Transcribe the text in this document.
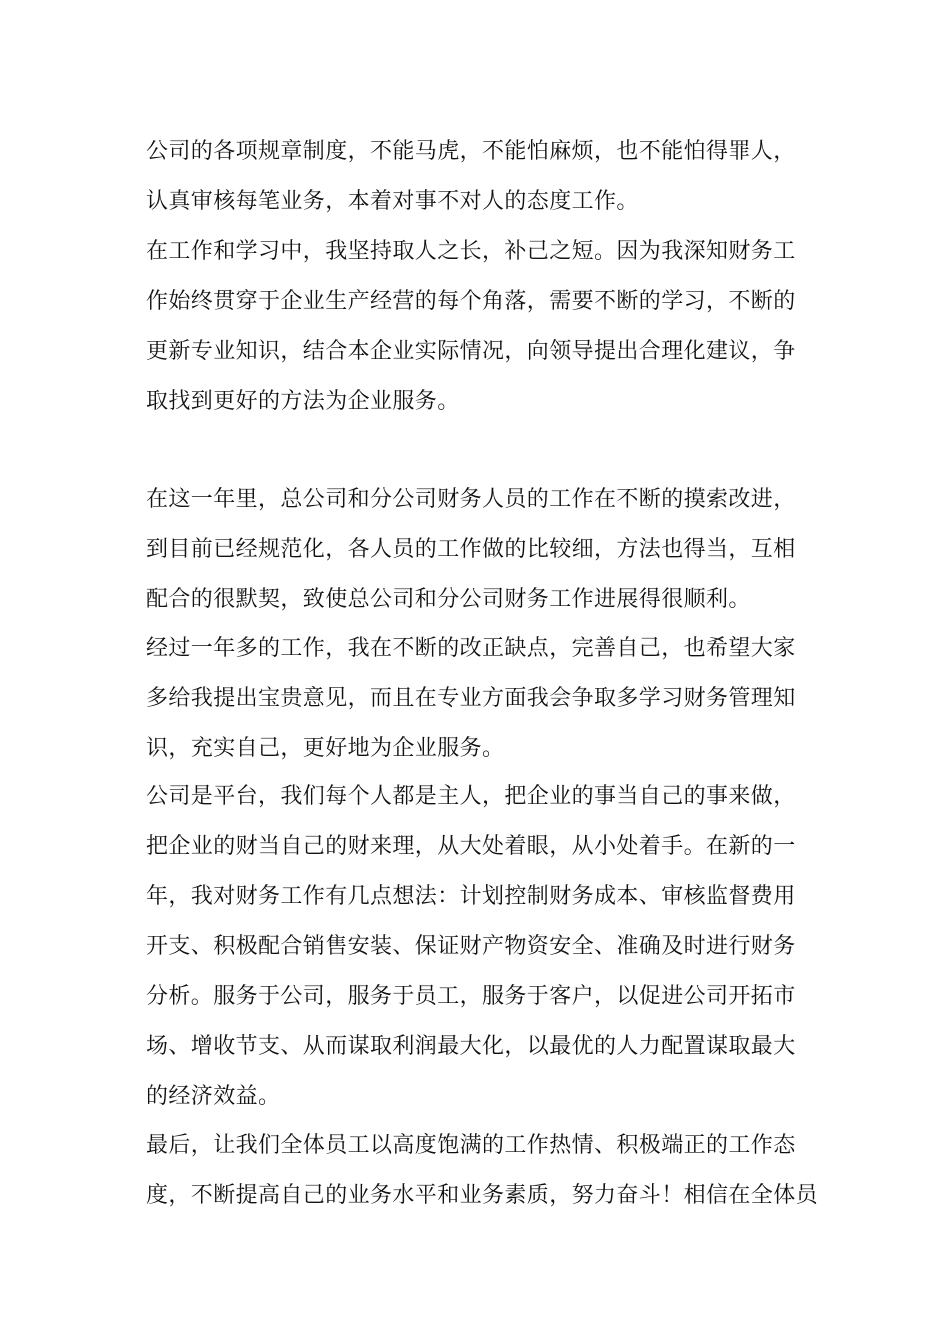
公司的各项规章制度，不能马虎，不能怕麻烦，也不能怕得罪人，
认真审核每笔业务，本着对事不对人的态度工作。
在工作和学习中，我坚持取人之长，补己之短。因为我深知财务工
作始终贯穿于企业生产经营的每个角落，需要不断的学习，不断的
更新专业知识，结合本企业实际情况，向领导提出合理化建议，争
取找到更好的方法为企业服务。
在这一年里，总公司和分公司财务人员的工作在不断的摸索改进，
到目前已经规范化，各人员的工作做的比较细，方法也得当，互相
配合的很默契，致使总公司和分公司财务工作进展得很顺利。
经过一年多的工作，我在不断的改正缺点，完善自己，也希望大家
多给我提出宝贵意见，而且在专业方面我会争取多学习财务管理知
识，充实自己，更好地为企业服务。
公司是平台，我们每个人都是主人，把企业的事当自己的事来做，
把企业的财当自己的财来理，从大处着眼，从小处着手。在新的一
年，我对财务工作有几点想法：计划控制财务成本、审核监督费用
开支、积极配合销售安装、保证财产物资安全、准确及时进行财务
分析。服务于公司，服务于员工，服务于客户，以促进公司开拓市
场、增收节支、从而谋取利润最大化，以最优的人力配置谋取最大
的经济效益。
最后，让我们全体员工以高度饱满的工作热情、积极端正的工作态
度，不断提高自己的业务水平和业务素质，努力奋斗！相信在全体员
